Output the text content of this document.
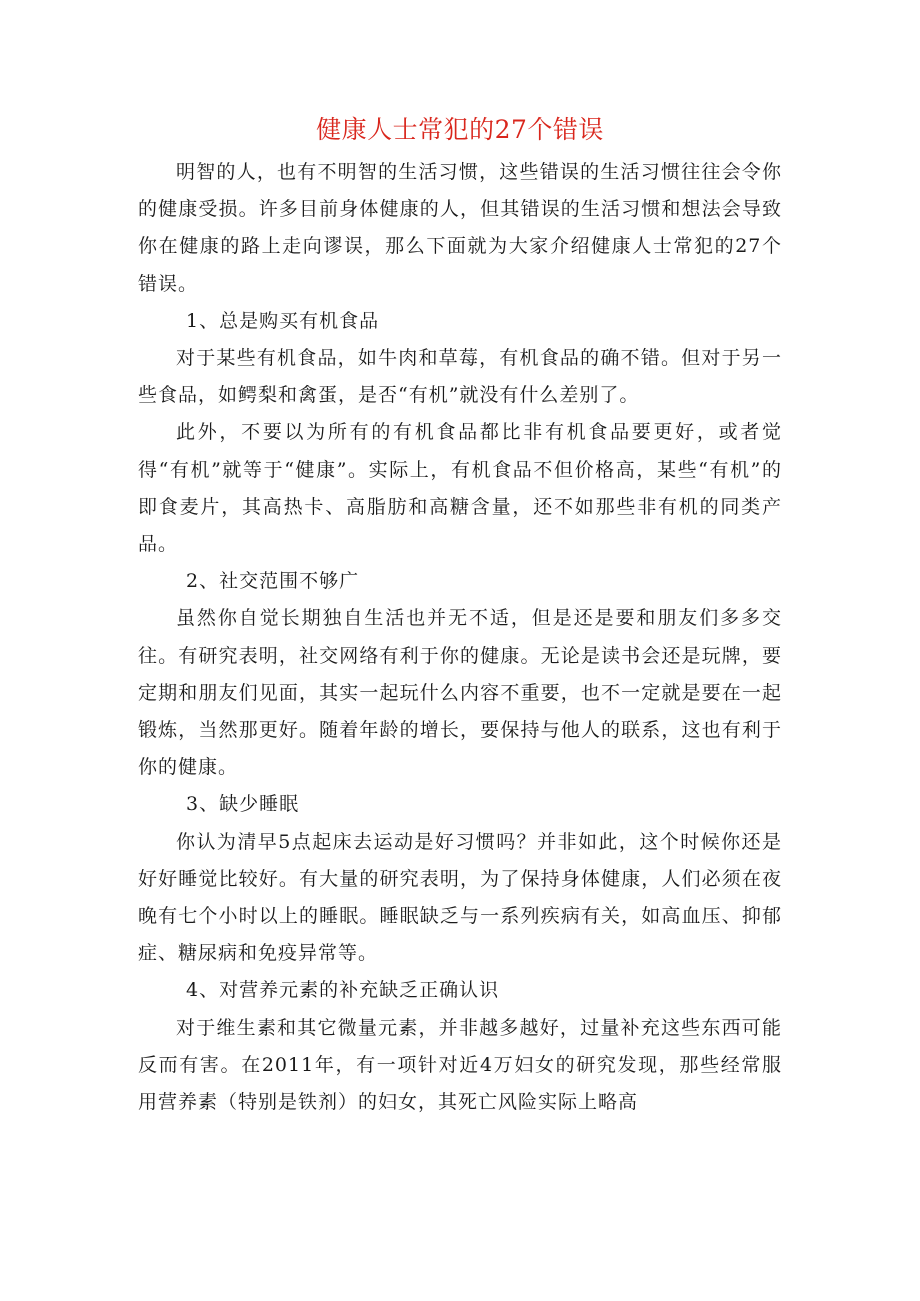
健康人士常犯的27个错误

明智的人，也有不明智的生活习惯，这些错误的生活习惯往往会令你的健康受损。许多目前身体健康的人，但其错误的生活习惯和想法会导致你在健康的路上走向谬误，那么下面就为大家介绍健康人士常犯的27个错误。

1、总是购买有机食品

对于某些有机食品，如牛肉和草莓，有机食品的确不错。但对于另一些食品，如鳄梨和禽蛋，是否“有机”就没有什么差别了。

此外，不要以为所有的有机食品都比非有机食品要更好，或者觉得“有机”就等于“健康”。实际上，有机食品不但价格高，某些“有机”的即食麦片，其高热卡、高脂肪和高糖含量，还不如那些非有机的同类产品。

2、社交范围不够广

虽然你自觉长期独自生活也并无不适，但是还是要和朋友们多多交往。有研究表明，社交网络有利于你的健康。无论是读书会还是玩牌，要定期和朋友们见面，其实一起玩什么内容不重要，也不一定就是要在一起锻炼，当然那更好。随着年龄的增长，要保持与他人的联系，这也有利于你的健康。

3、缺少睡眠

你认为清早5点起床去运动是好习惯吗？并非如此，这个时候你还是好好睡觉比较好。有大量的研究表明，为了保持身体健康，人们必须在夜晚有七个小时以上的睡眠。睡眠缺乏与一系列疾病有关，如高血压、抑郁症、糖尿病和免疫异常等。

4、对营养元素的补充缺乏正确认识

对于维生素和其它微量元素，并非越多越好，过量补充这些东西可能反而有害。在2011年，有一项针对近4万妇女的研究发现，那些经常服用营养素（特别是铁剂）的妇女，其死亡风险实际上略高
